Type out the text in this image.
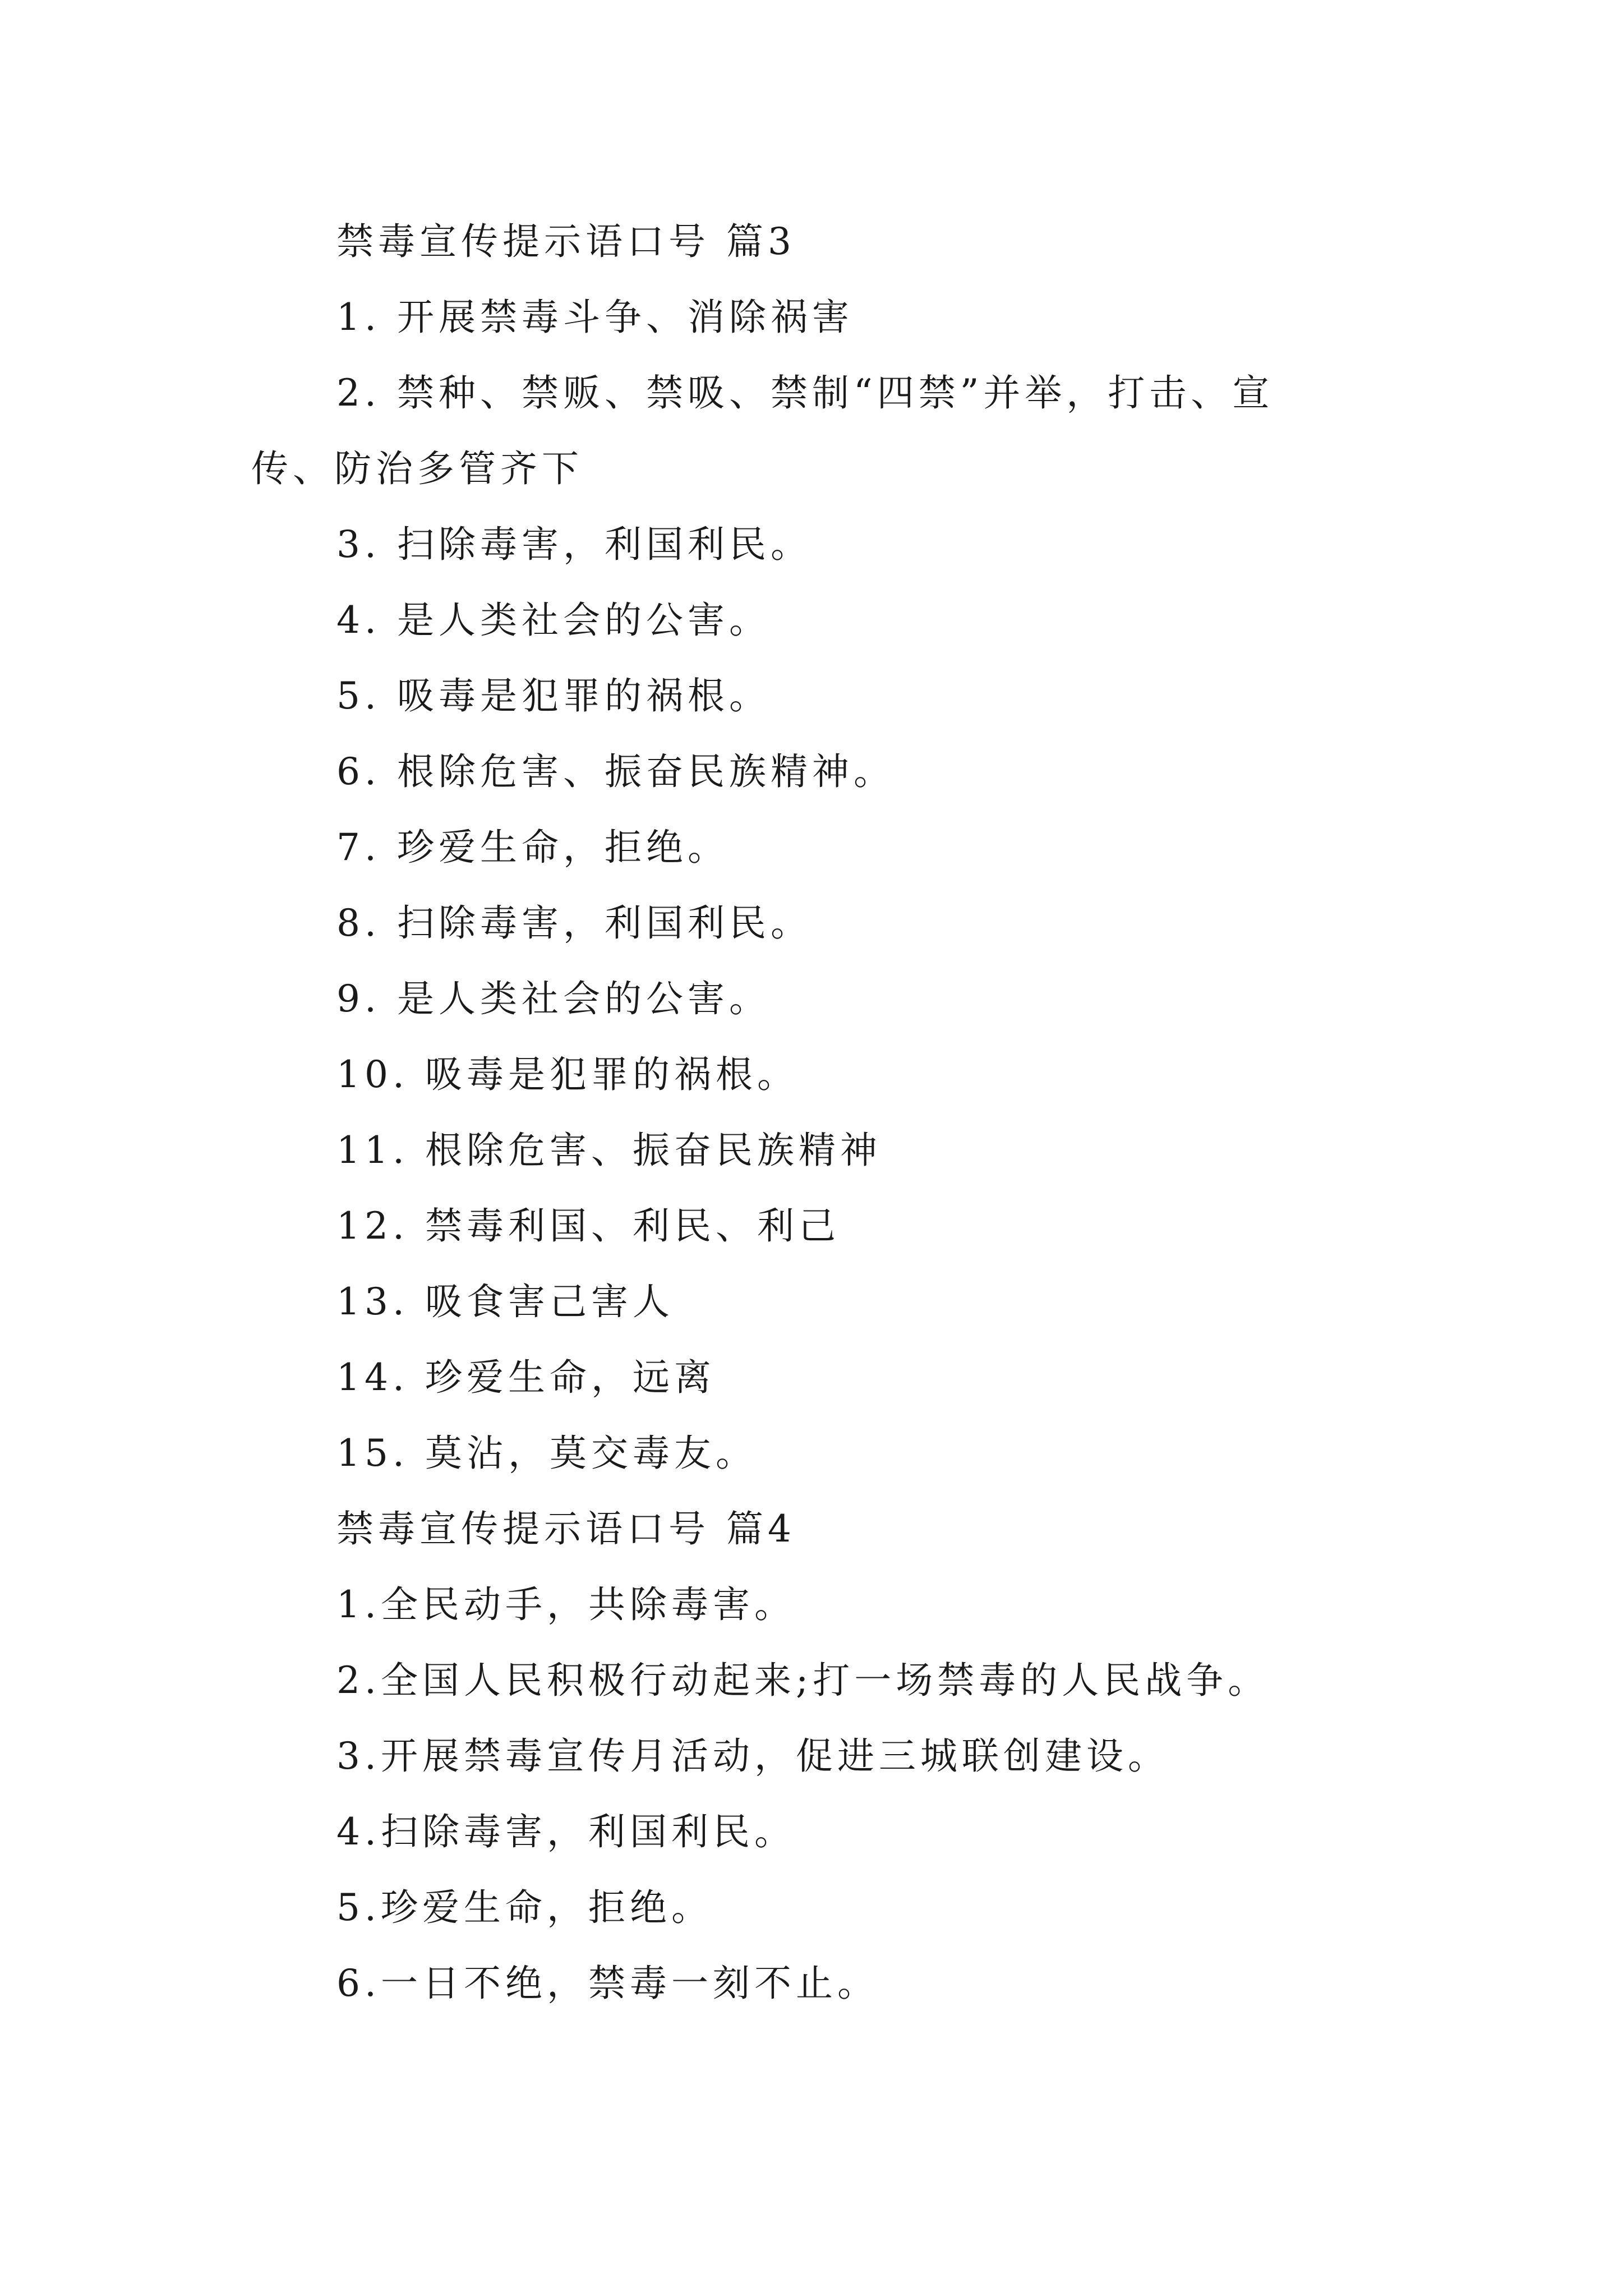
禁毒宣传提示语口号 篇3
1. 开展禁毒斗争、消除祸害
2. 禁种、禁贩、禁吸、禁制“四禁”并举，打击、宣
传、防治多管齐下
3. 扫除毒害，利国利民。
4. 是人类社会的公害。
5. 吸毒是犯罪的祸根。
6. 根除危害、振奋民族精神。
7. 珍爱生命，拒绝。
8. 扫除毒害，利国利民。
9. 是人类社会的公害。
10. 吸毒是犯罪的祸根。
11. 根除危害、振奋民族精神
12. 禁毒利国、利民、利己
13. 吸食害己害人
14. 珍爱生命，远离
15. 莫沾，莫交毒友。
禁毒宣传提示语口号 篇4
1.全民动手，共除毒害。
2.全国人民积极行动起来;打一场禁毒的人民战争。
3.开展禁毒宣传月活动，促进三城联创建设。
4.扫除毒害，利国利民。
5.珍爱生命，拒绝。
6.一日不绝，禁毒一刻不止。
